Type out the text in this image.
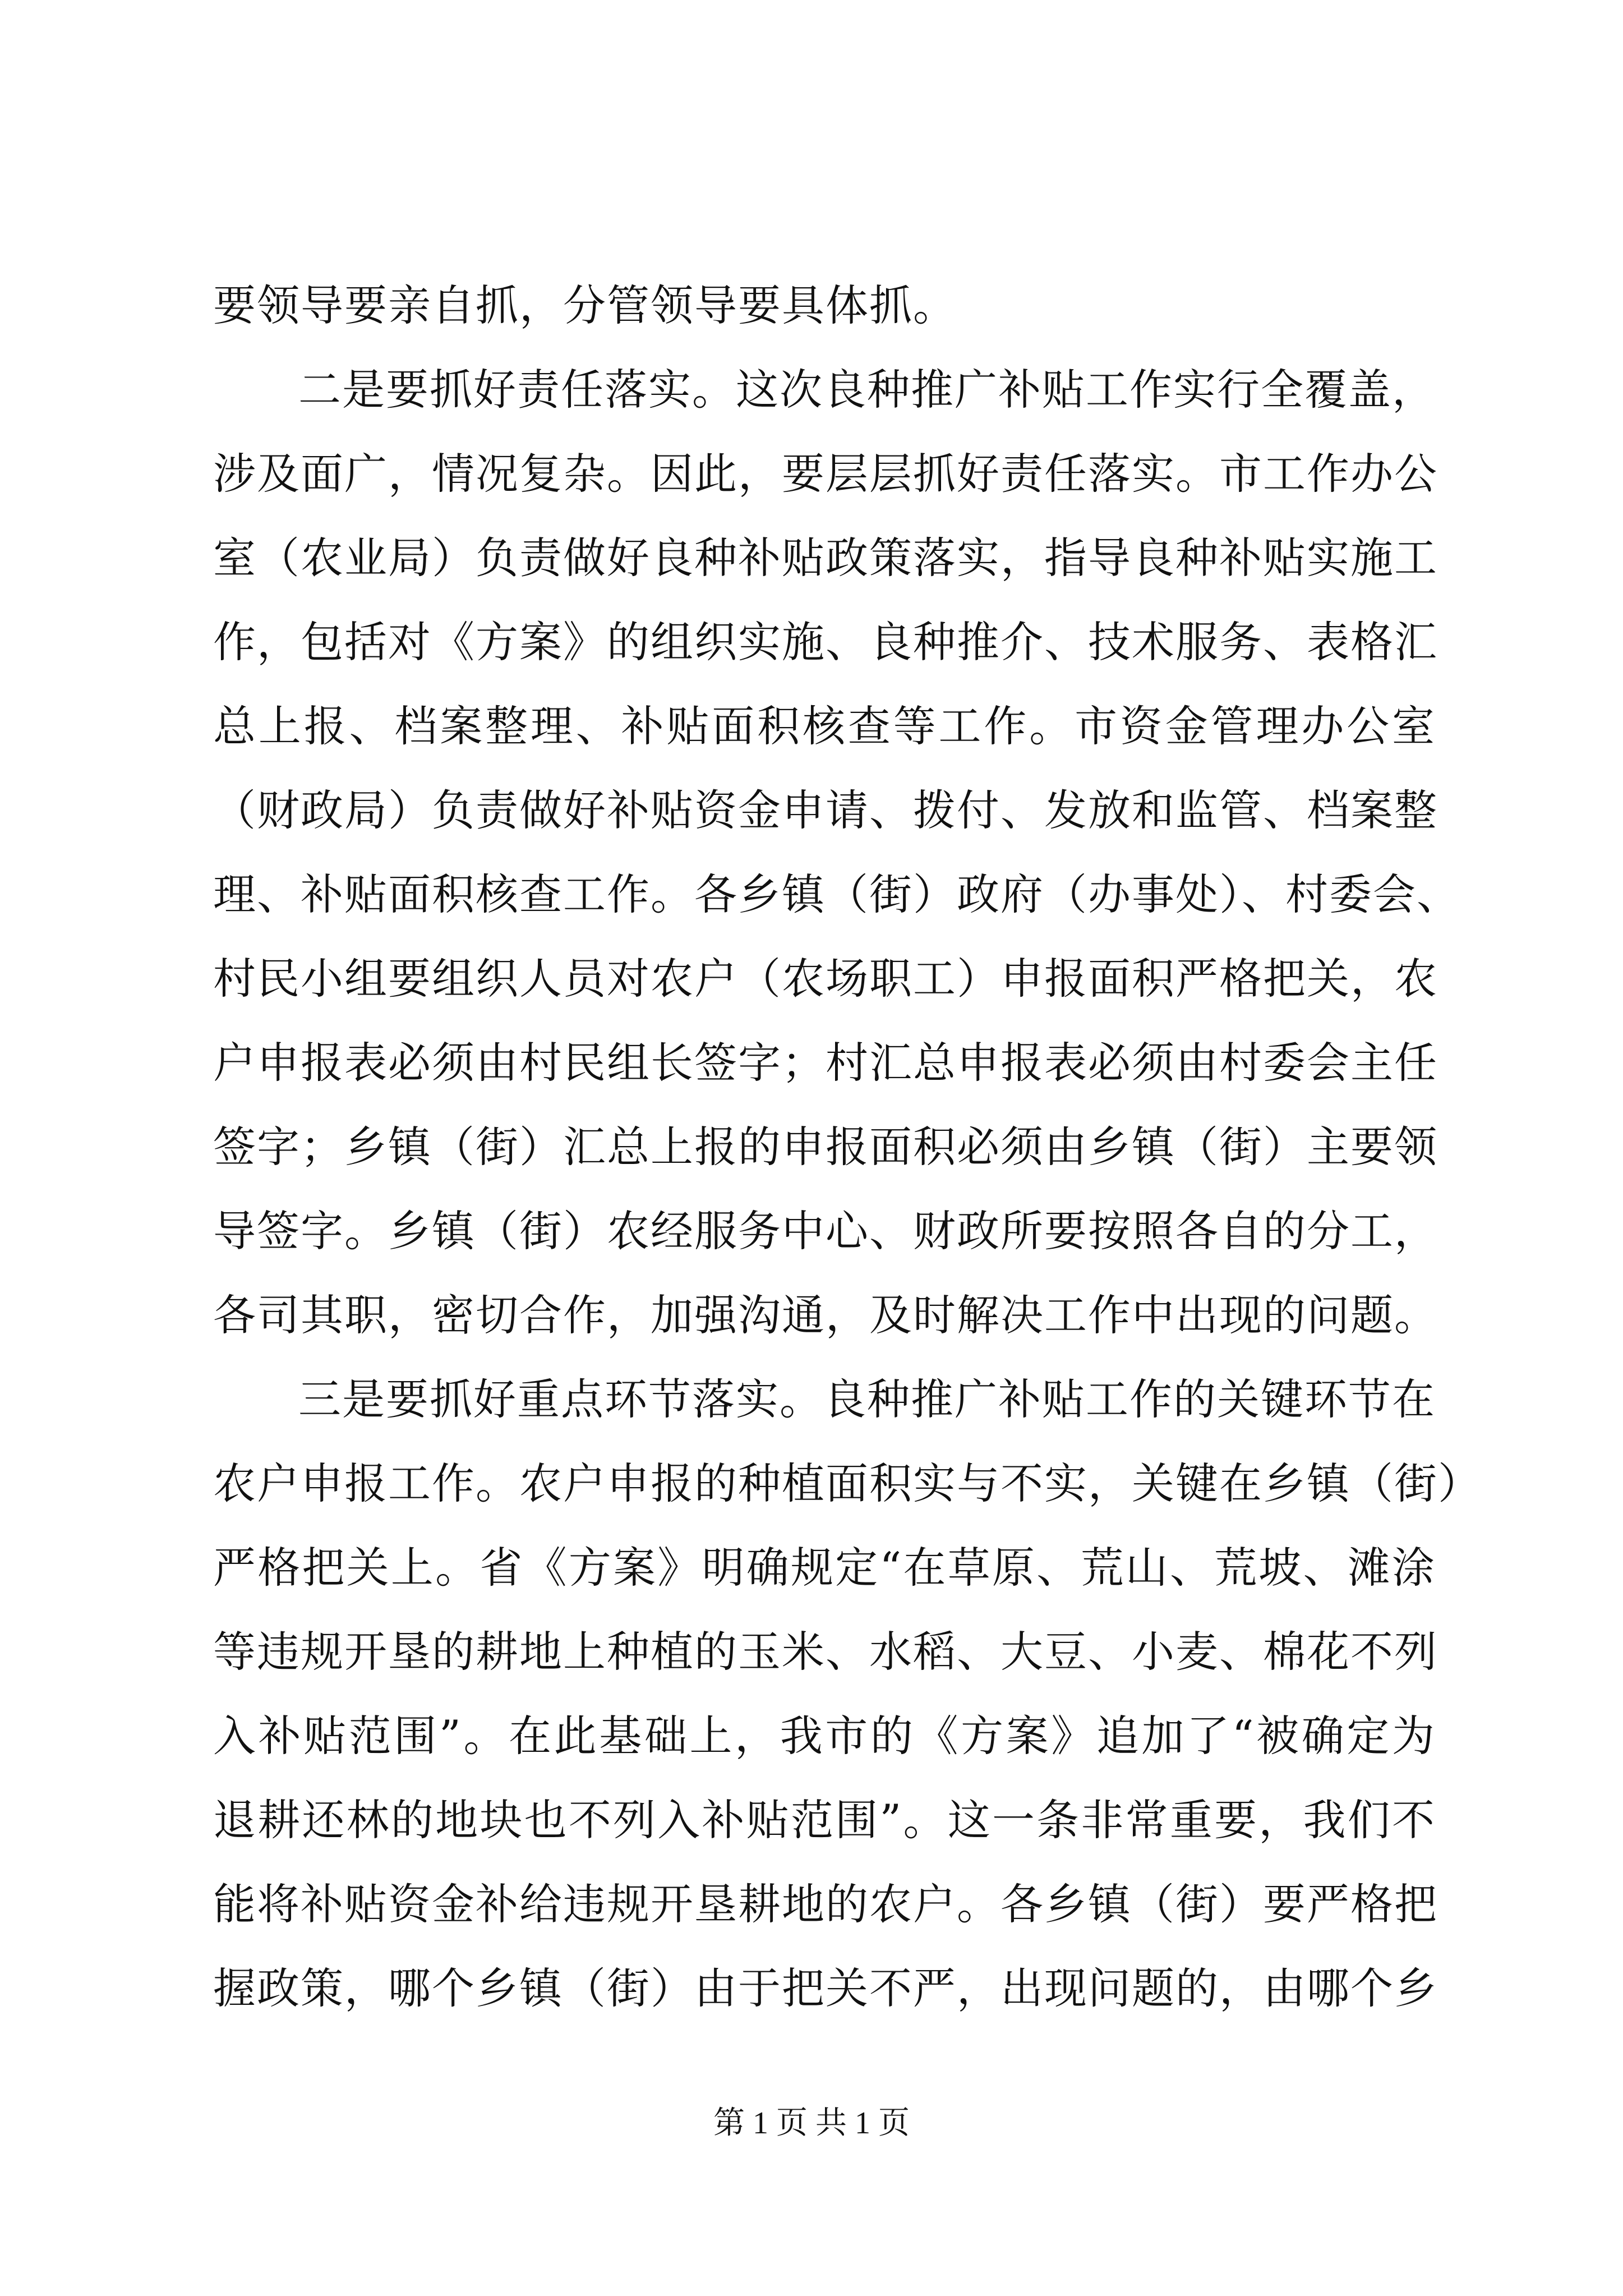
要领导要亲自抓，分管领导要具体抓。
二是要抓好责任落实。这次良种推广补贴工作实行全覆盖，
涉及面广，情况复杂。因此，要层层抓好责任落实。市工作办公
室（农业局）负责做好良种补贴政策落实，指导良种补贴实施工
作，包括对《方案》的组织实施、良种推介、技术服务、表格汇
总上报、档案整理、补贴面积核查等工作。市资金管理办公室
（财政局）负责做好补贴资金申请、拨付、发放和监管、档案整
理、补贴面积核查工作。各乡镇（街）政府（办事处）、村委会、
村民小组要组织人员对农户（农场职工）申报面积严格把关，农
户申报表必须由村民组长签字；村汇总申报表必须由村委会主任
签字；乡镇（街）汇总上报的申报面积必须由乡镇（街）主要领
导签字。乡镇（街）农经服务中心、财政所要按照各自的分工，
各司其职，密切合作，加强沟通，及时解决工作中出现的问题。
三是要抓好重点环节落实。良种推广补贴工作的关键环节在
农户申报工作。农户申报的种植面积实与不实，关键在乡镇（街）
严格把关上。省《方案》明确规定“在草原、荒山、荒坡、滩涂
等违规开垦的耕地上种植的玉米、水稻、大豆、小麦、棉花不列
入补贴范围”。在此基础上，我市的《方案》追加了“被确定为
退耕还林的地块也不列入补贴范围”。这一条非常重要，我们不
能将补贴资金补给违规开垦耕地的农户。各乡镇（街）要严格把
握政策，哪个乡镇（街）由于把关不严，出现问题的，由哪个乡
第 1 页 共 1 页
